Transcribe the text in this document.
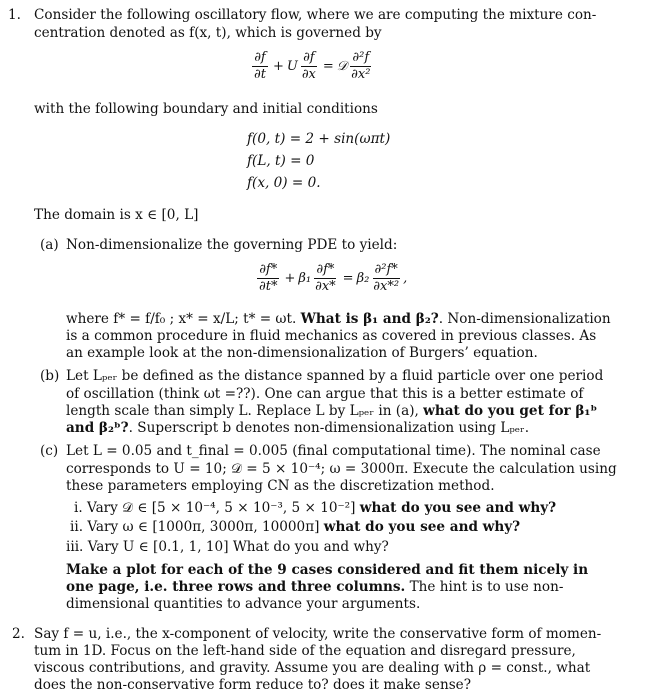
1. Consider the following oscillatory flow, where we are computing the mixture con-
centration denoted as f(x, t), which is governed by
$\frac{\partial f}{\partial t} + U \frac{\partial f}{\partial x}$ = 𝒟 $\frac{\text{∂²f}}{\text{∂x²}}$
with the following boundary and initial conditions
f(0, t) = 2 + sin(ωπt)
f(L, t) = 0
f(x, 0) = 0.
The domain is x ∈ [0, L]
(a) Non-dimensionalize the governing PDE to yield:
$\frac{\partial f*}{\partial t*} + \beta_1 \frac{\partial f*}{\partial x*} = \beta_2 \frac{\text{∂²f*}}{\text{∂x*²}}$ ,
where f* = f/f₀ ; x* = x/L; t* = ωt. What is β₁ and β₂?. Non-dimensionalization
is a common procedure in fluid mechanics as covered in previous classes. As
an example look at the non-dimensionalization of Burgers’ equation.
(b) Let Lₚₑᵣ be defined as the distance spanned by a fluid particle over one period
of oscillation (think ωt =??). One can argue that this is a better estimate of
length scale than simply L. Replace L by Lₚₑᵣ in (a), what do you get for β₁ᵇ
and β₂ᵇ?. Superscript b denotes non-dimensionalization using Lₚₑᵣ.
(c) Let L = 0.05 and t_final = 0.005 (final computational time). The nominal case
corresponds to U = 10; 𝒟 = 5 × 10⁻⁴; ω = 3000π. Execute the calculation using
these parameters employing CN as the discretization method.
i. Vary 𝒟 ∈ [5 × 10⁻⁴, 5 × 10⁻³, 5 × 10⁻²] what do you see and why?
ii. Vary ω ∈ [1000π, 3000π, 10000π] what do you see and why?
iii. Vary U ∈ [0.1, 1, 10] What do you and why?
Make a plot for each of the 9 cases considered and fit them nicely in
one page, i.e. three rows and three columns. The hint is to use non-
dimensional quantities to advance your arguments.
2. Say f = u, i.e., the x-component of velocity, write the conservative form of momen-
tum in 1D. Focus on the left-hand side of the equation and disregard pressure,
viscous contributions, and gravity. Assume you are dealing with ρ = const., what
does the non-conservative form reduce to? does it make sense?
